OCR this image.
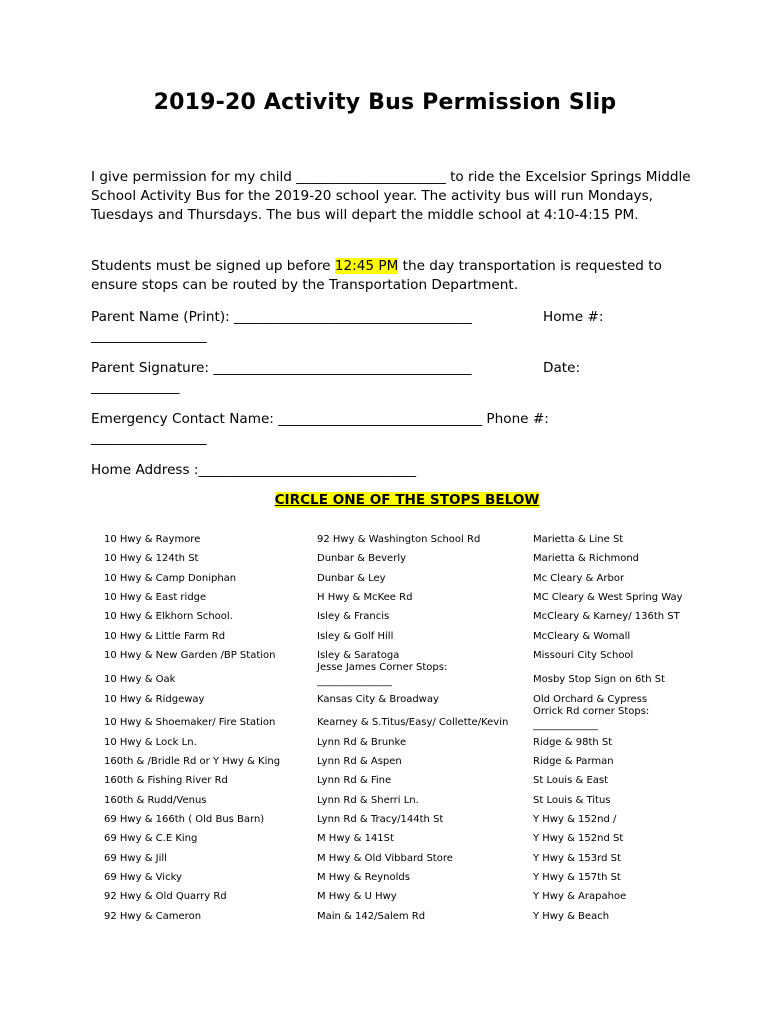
2019-20 Activity Bus Permission Slip
I give permission for my child ______________________ to ride the Excelsior Springs Middle School Activity Bus for the 2019-20 school year. The activity bus will run Mondays, Tuesdays and Thursdays. The bus will depart the middle school at 4:10-4:15 PM.
Students must be signed up before 12:45 PM the day transportation is requested to ensure stops can be routed by the Transportation Department.
Parent Name (Print): ___________________________________	Home #:
_________________
Parent Signature: ______________________________________	Date:
_____________
Emergency Contact Name: ______________________________ Phone #:
_________________
Home Address :________________________________
CIRCLE ONE OF THE STOPS BELOW
10 Hwy & Raymore
10 Hwy & 124th St
10 Hwy & Camp Doniphan
10 Hwy & East ridge
10 Hwy & Elkhorn School.
10 Hwy & Little Farm Rd
10 Hwy & New Garden /BP Station
10 Hwy & Oak
10 Hwy & Ridgeway
10 Hwy & Shoemaker/ Fire Station
10 Hwy & Lock Ln.
160th & /Bridle Rd or Y Hwy & King
160th & Fishing River Rd
160th & Rudd/Venus
69 Hwy & 166th ( Old Bus Barn)
69 Hwy & C.E King
69 Hwy & Jill
69 Hwy & Vicky
92 Hwy & Old Quarry Rd
92 Hwy & Cameron
92 Hwy & Washington School Rd
Dunbar & Beverly
Dunbar & Ley
H Hwy & McKee Rd
Isley & Francis
Isley & Golf Hill
Isley & Saratoga
Jesse James Corner Stops:
_______________
Kansas City & Broadway
Kearney & S.Titus/Easy/ Collette/Kevin
Lynn Rd & Brunke
Lynn Rd & Aspen
Lynn Rd & Fine
Lynn Rd & Sherri Ln.
Lynn Rd & Tracy/144th St
M Hwy & 141St
M Hwy & Old Vibbard Store
M Hwy & Reynolds
M Hwy & U Hwy
Main & 142/Salem Rd
Marietta & Line St
Marietta & Richmond
Mc Cleary & Arbor
MC Cleary & West Spring Way
McCleary & Karney/ 136th ST
McCleary & Womall
Missouri City School
Mosby Stop Sign on 6th St
Old Orchard & Cypress
Orrick Rd corner Stops:
_____________
Ridge & 98th St
Ridge & Parman
St Louis & East
St Louis & Titus
Y Hwy & 152nd /
Y Hwy & 152nd St
Y Hwy & 153rd St
Y Hwy & 157th St
Y Hwy & Arapahoe
Y Hwy & Beach
